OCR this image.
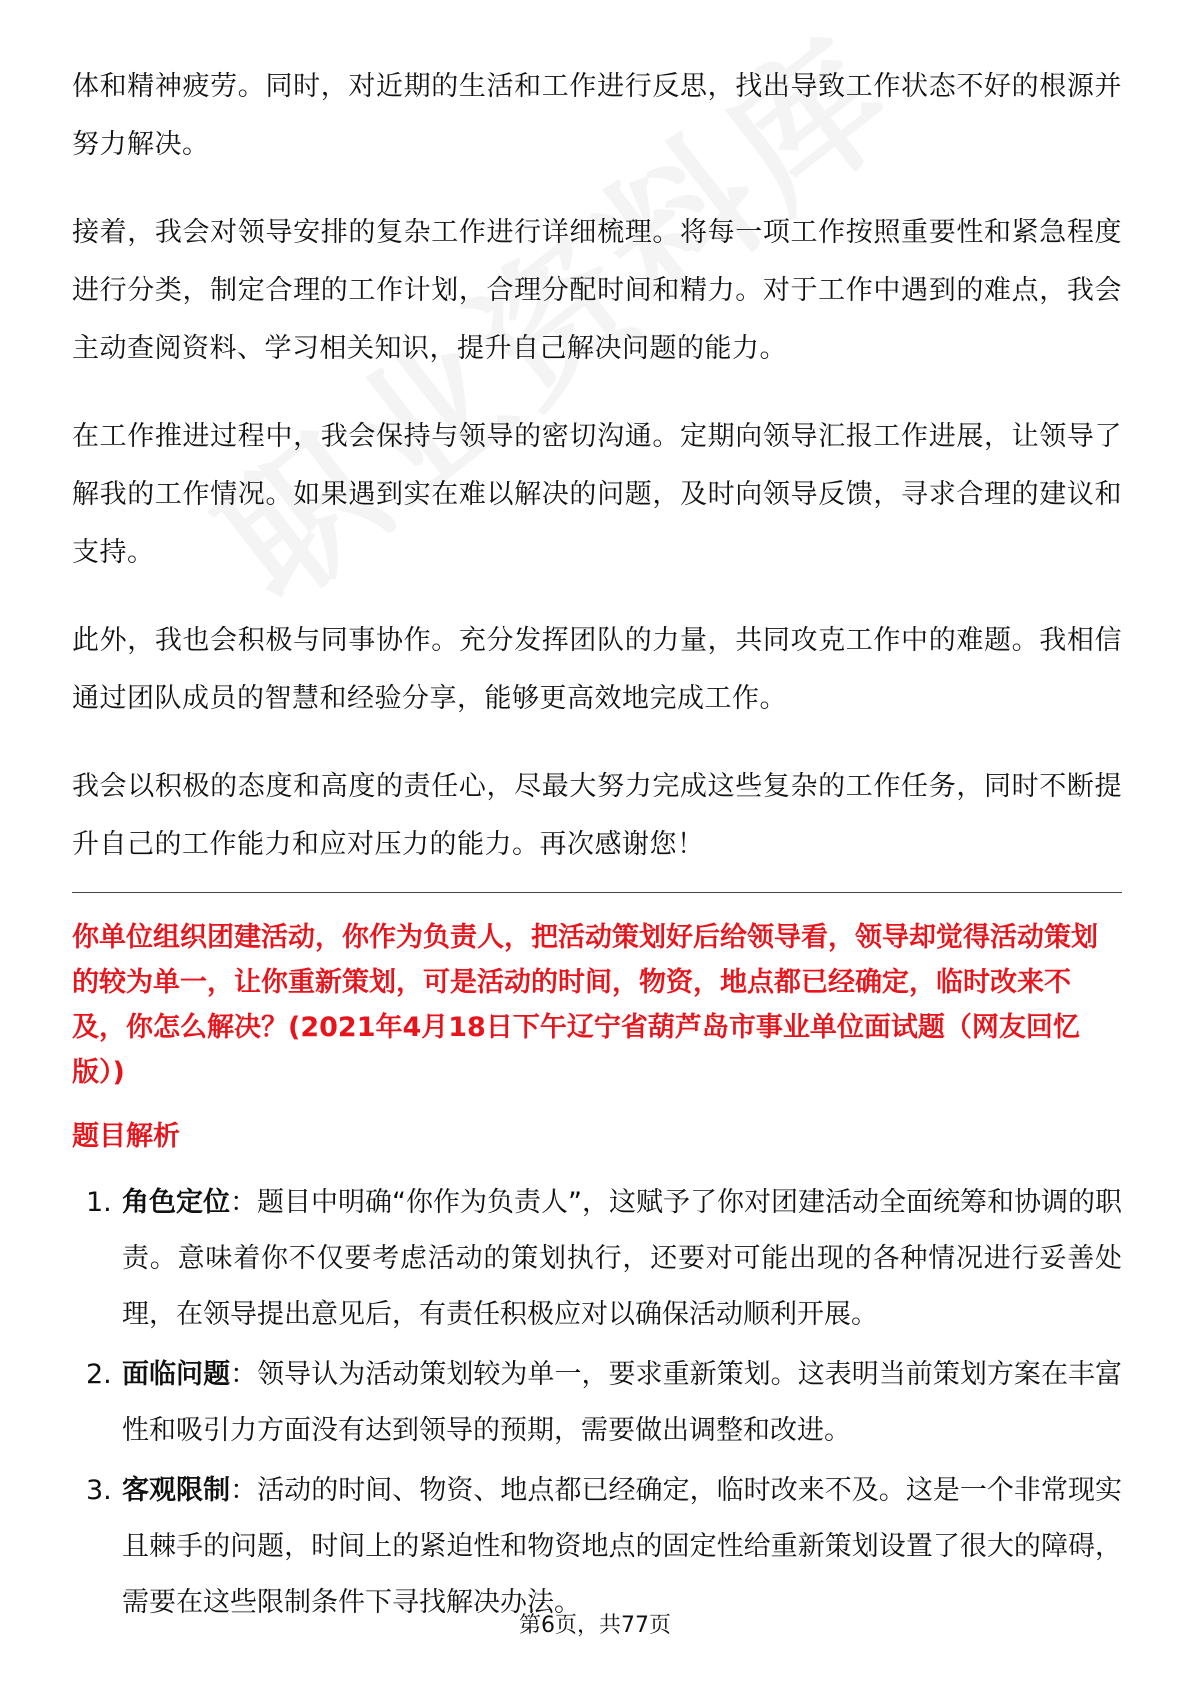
体和精神疲劳。同时，对近期的生活和工作进行反思，找出导致工作状态不好的根源并努力解决。

接着，我会对领导安排的复杂工作进行详细梳理。将每一项工作按照重要性和紧急程度进行分类，制定合理的工作计划，合理分配时间和精力。对于工作中遇到的难点，我会主动查阅资料、学习相关知识，提升自己解决问题的能力。

在工作推进过程中，我会保持与领导的密切沟通。定期向领导汇报工作进展，让领导了解我的工作情况。如果遇到实在难以解决的问题，及时向领导反馈，寻求合理的建议和支持。

此外，我也会积极与同事协作。充分发挥团队的力量，共同攻克工作中的难题。我相信通过团队成员的智慧和经验分享，能够更高效地完成工作。

我会以积极的态度和高度的责任心，尽最大努力完成这些复杂的工作任务，同时不断提升自己的工作能力和应对压力的能力。再次感谢您！

你单位组织团建活动，你作为负责人，把活动策划好后给领导看，领导却觉得活动策划的较为单一，让你重新策划，可是活动的时间，物资，地点都已经确定，临时改来不及，你怎么解决？(2021年4月18日下午辽宁省葫芦岛市事业单位面试题（网友回忆版）)

题目解析

1. 角色定位：题目中明确“你作为负责人”，这赋予了你对团建活动全面统筹和协调的职责。意味着你不仅要考虑活动的策划执行，还要对可能出现的各种情况进行妥善处理，在领导提出意见后，有责任积极应对以确保活动顺利开展。
2. 面临问题：领导认为活动策划较为单一，要求重新策划。这表明当前策划方案在丰富性和吸引力方面没有达到领导的预期，需要做出调整和改进。
3. 客观限制：活动的时间、物资、地点都已经确定，临时改来不及。这是一个非常现实且棘手的问题，时间上的紧迫性和物资地点的固定性给重新策划设置了很大的障碍，需要在这些限制条件下寻找解决办法。
第6页，共77页
